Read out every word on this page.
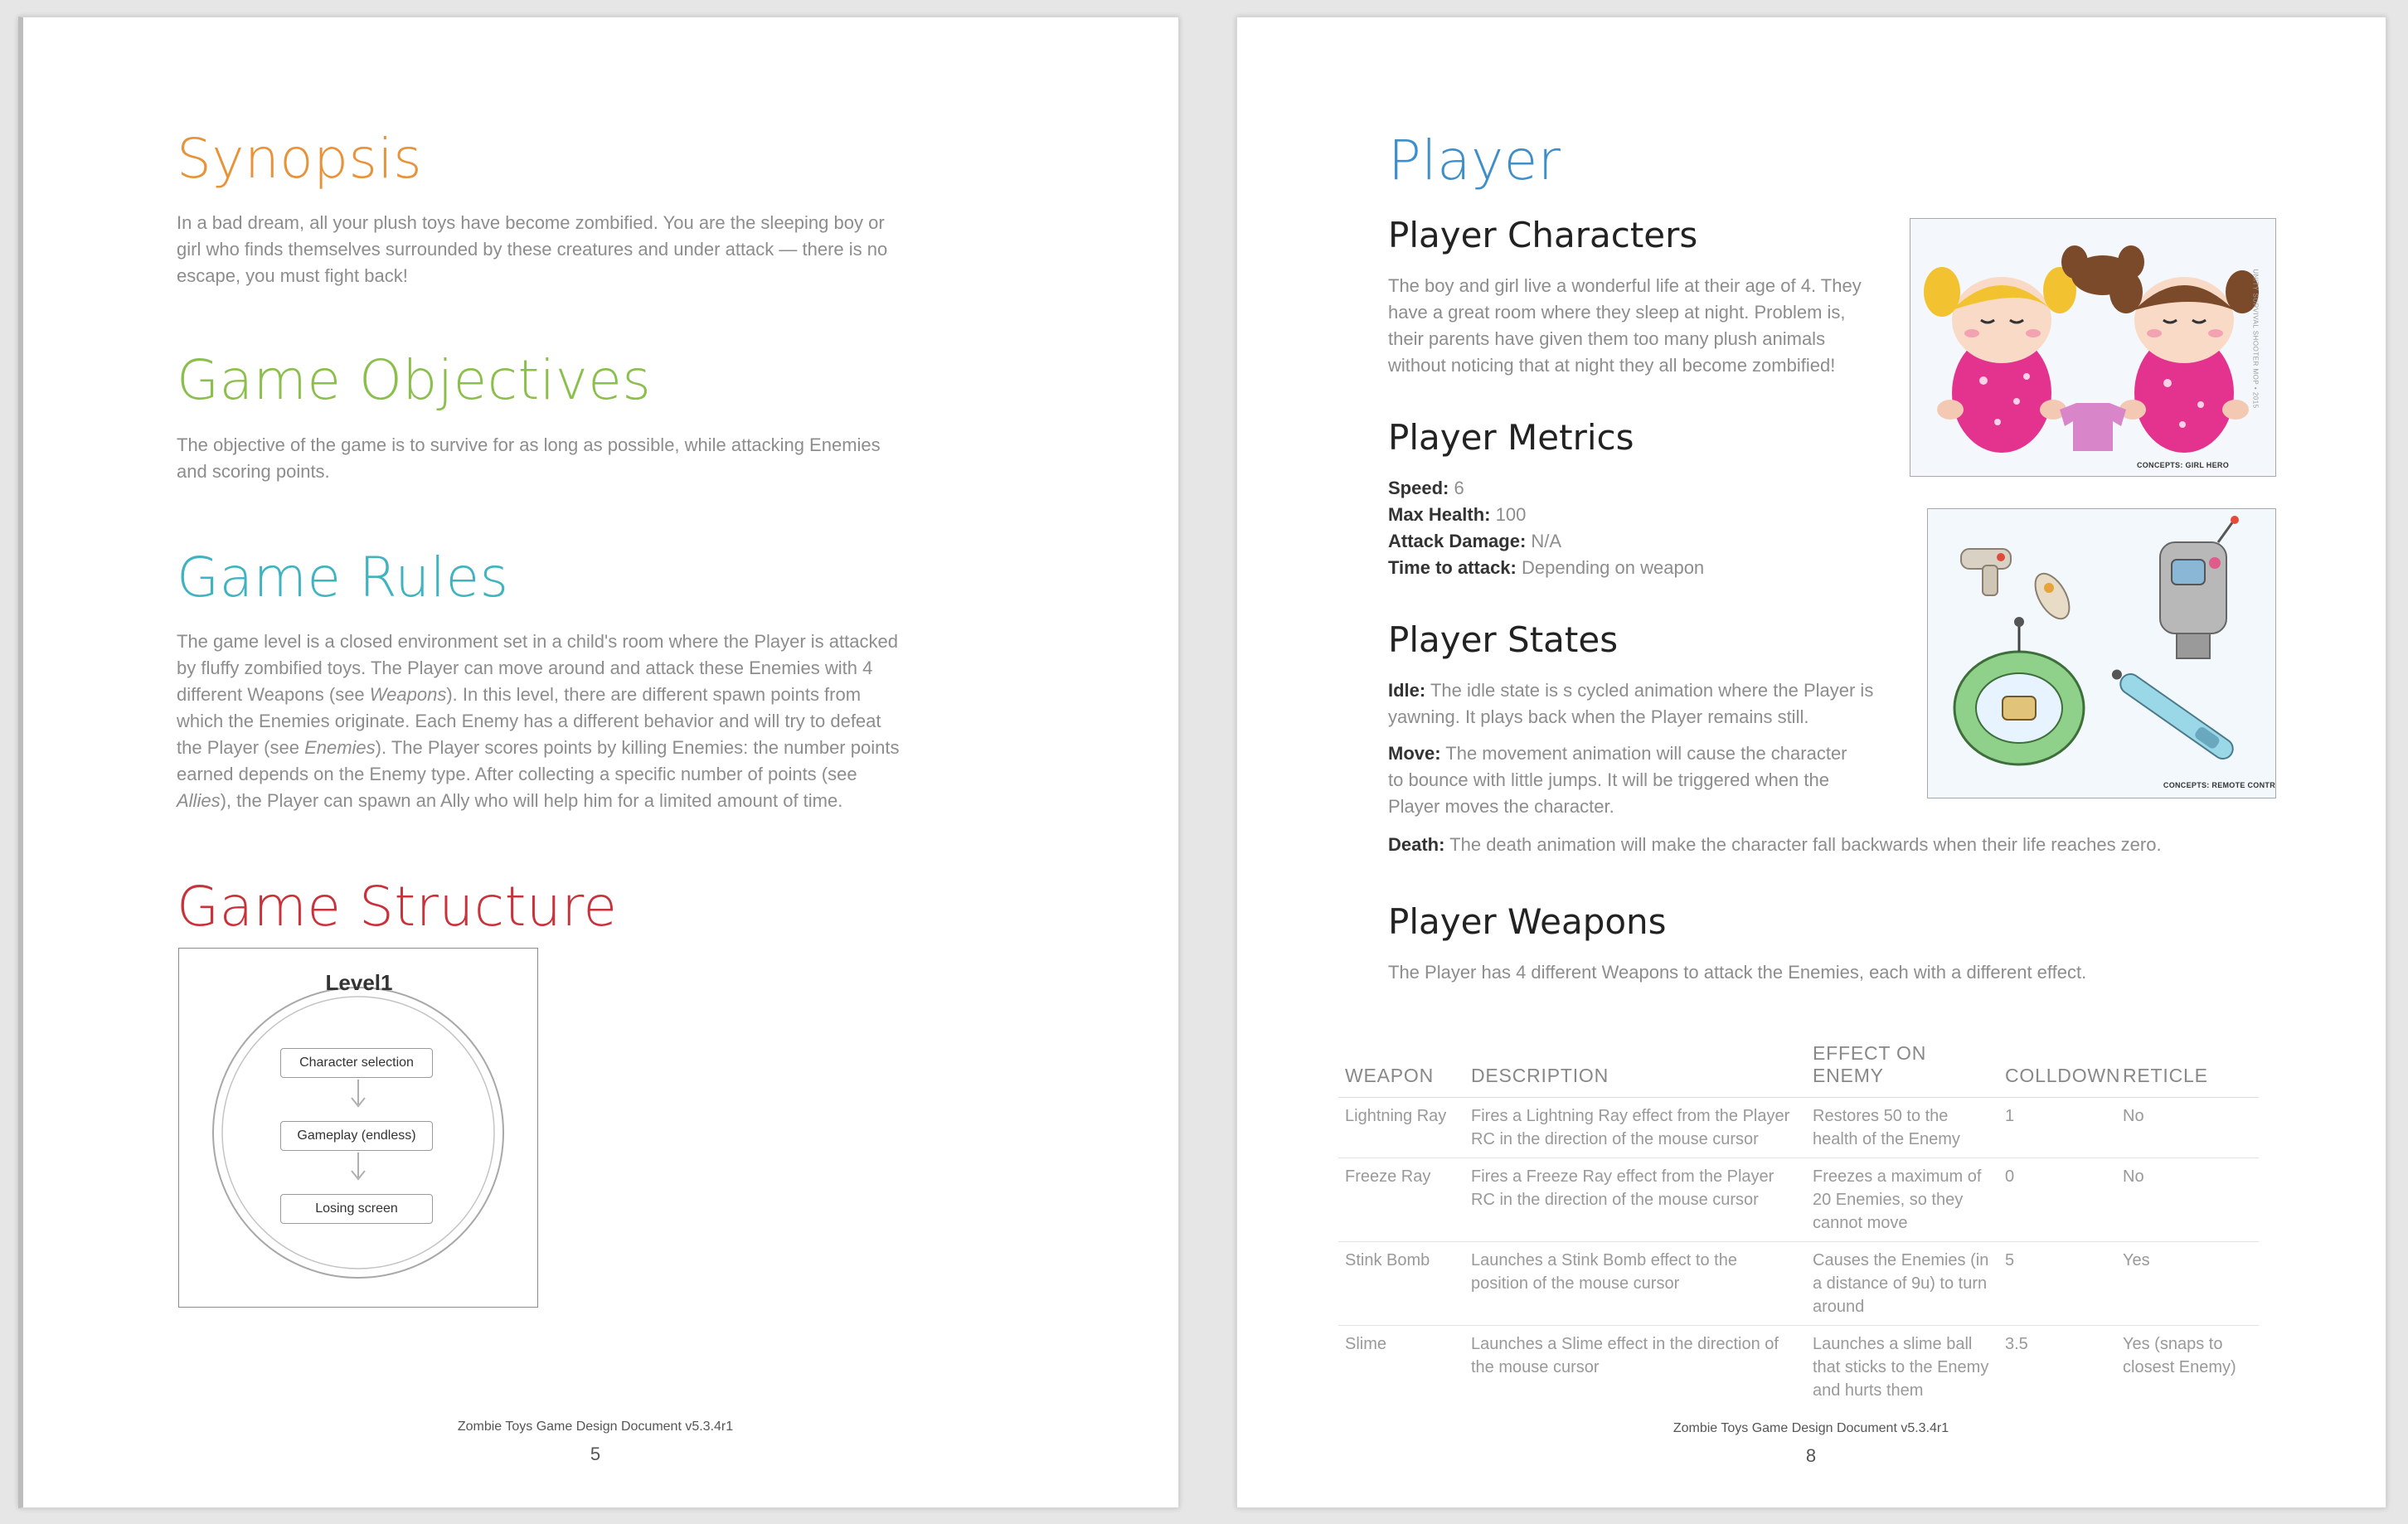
Synopsis

In a bad dream, all your plush toys have become zombified. You are the sleeping boy or girl who finds themselves surrounded by these creatures and under attack — there is no escape, you must fight back!

Game Objectives

The objective of the game is to survive for as long as possible, while attacking Enemies and scoring points.

Game Rules

The game level is a closed environment set in a child's room where the Player is attacked by fluffy zombified toys. The Player can move around and attack these Enemies with 4 different Weapons (see Weapons). In this level, there are different spawn points from which the Enemies originate. Each Enemy has a different behavior and will try to defeat the Player (see Enemies). The Player scores points by killing Enemies: the number points earned depends on the Enemy type. After collecting a specific number of points (see Allies), the Player can spawn an Ally who will help him for a limited amount of time.

Game Structure
Level1
Character selection
Gameplay (endless)
Losing screen
Zombie Toys Game Design Document v5.3.4r1
5
Player
Player Characters

The boy and girl live a wonderful life at their age of 4. They have a great room where they sleep at night. Problem is, their parents have given them too many plush animals without noticing that at night they all become zombified!

CONCEPTS: GIRL HERO
UNITY SURVIVAL SHOOTER MOP • 2015
Player Metrics
Speed: 6
Max Health: 100
Attack Damage: N/A
Time to attack: Depending on weapon
CONCEPTS: REMOTE CONTR
Player States

Idle: The idle state is s cycled animation where the Player is yawning. It plays back when the Player remains still.

Move: The movement animation will cause the character to bounce with little jumps. It will be triggered when the Player moves the character.

Death: The death animation will make the character fall backwards when their life reaches zero.

Player Weapons

The Player has 4 different Weapons to attack the Enemies, each with a different effect.

WEAPON	DESCRIPTION	EFFECT ON ENEMY	COLLDOWN	RETICLE
Lightning Ray	Fires a Lightning Ray effect from the Player RC in the direction of the mouse cursor	Restores 50 to the health of the Enemy	1	No
Freeze Ray	Fires a Freeze Ray effect from the Player RC in the direction of the mouse cursor	Freezes a maximum of 20 Enemies, so they cannot move	0	No
Stink Bomb	Launches a Stink Bomb effect to the position of the mouse cursor	Causes the Enemies (in a distance of 9u) to turn around	5	Yes
Slime	Launches a Slime effect in the direction of the mouse cursor	Launches a slime ball that sticks to the Enemy and hurts them	3.5	Yes (snaps to closest Enemy)
Zombie Toys Game Design Document v5.3.4r1
8
